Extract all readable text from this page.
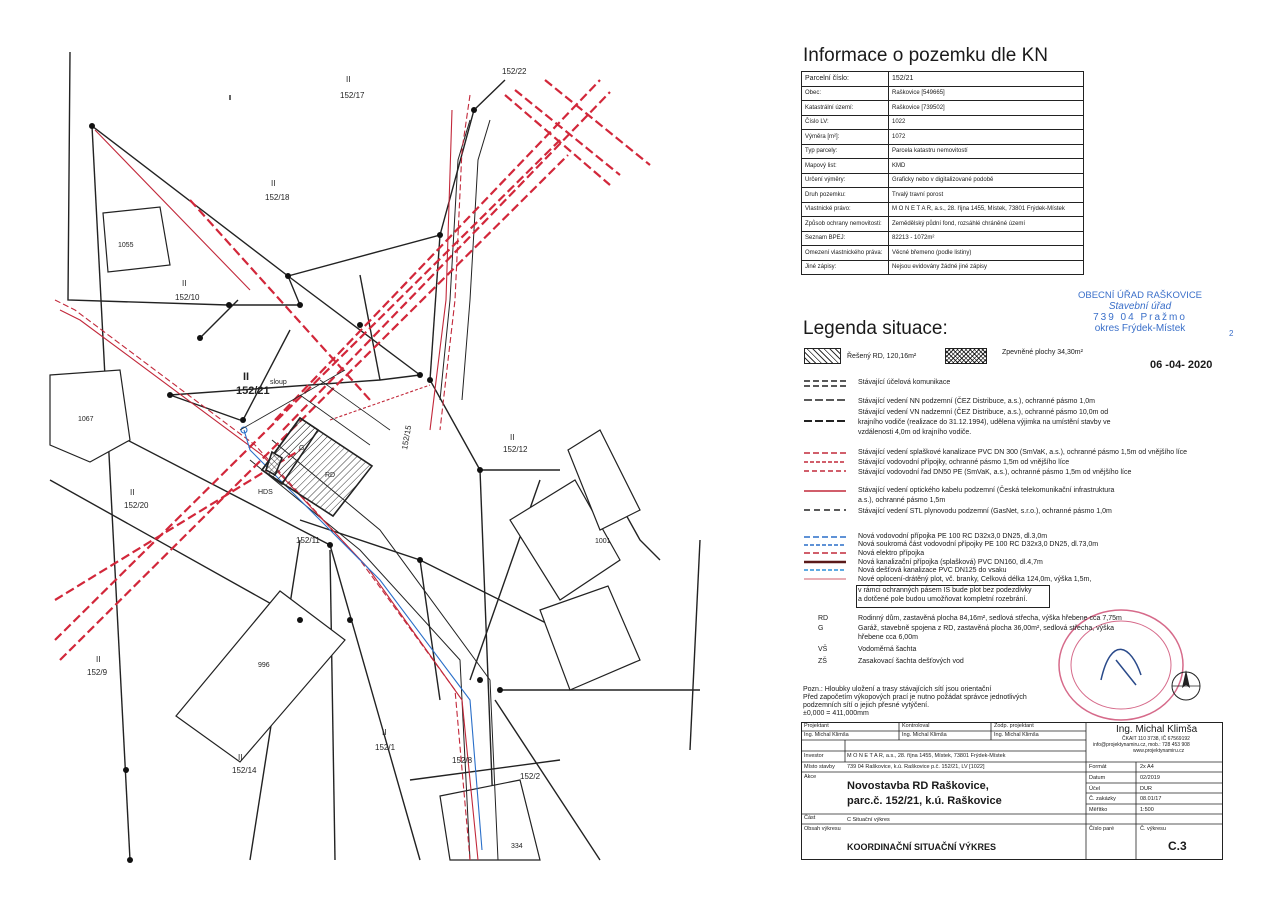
152/22
II
152/17
II
152/18
1055
II
152/10
II
152/21
sloup
1067
II
152/12
II
152/20
G
RD
HDS
1001
152/11
II
152/9
996
II
152/1
II
152/14
152/8
152/2
334
152/15
Informace o pozemku dle KN
Parcelní číslo:	152/21
Obec:	Raškovice [549665]
Katastrální území:	Raškovice [739502]
Číslo LV:	1022
Výměra [m²]:	1072
Typ parcely:	Parcela katastru nemovitostí
Mapový list:	KMD
Určení výměry:	Graficky nebo v digitalizované podobě
Druh pozemku:	Trvalý travní porost
Vlastnické právo:	M O N E T A R, a.s., 28. října 1455, Místek, 73801 Frýdek-Místek
Způsob ochrany nemovitosti:	Zemědělský půdní fond, rozsáhlé chráněné území
Seznam BPEJ:	82213 - 1072m²
Omezení vlastnického práva:	Věcné břemeno (podle listiny)
Jiné zápisy:	Nejsou evidovány žádné jiné zápisy
OBECNÍ ÚŘAD RAŠKOVICE
Stavební úřad
739 04 Pražmo
okres Frýdek-Místek	2
06 -04- 2020
Legenda situace:
Řešený RD, 120,16m²
Zpevněné plochy 34,30m²
Stávající účelová komunikace
Stávající vedení NN podzemní (ČEZ Distribuce, a.s.), ochranné pásmo 1,0m
Stávající vedení VN nadzemní (ČEZ Distribuce, a.s.), ochranné pásmo 10,0m od
krajního vodiče (realizace do 31.12.1994), udělena výjimka na umístění stavby ve
vzdálenosti 4,0m od krajního vodiče.
Stávající vedení splaškové kanalizace PVC DN 300 (SmVaK, a.s.), ochranné pásmo 1,5m od vnějšího líce
Stávající vodovodní přípojky, ochranné pásmo 1,5m od vnějšího líce
Stávající vodovodní řad DN50 PE (SmVaK, a.s.), ochranné pásmo 1,5m od vnějšího líce
Stávající vedení optického kabelu podzemní (Česká telekomunikační infrastruktura
a.s.), ochranné pásmo 1,5m
Stávající vedení STL plynovodu podzemní (GasNet, s.r.o.), ochranné pásmo 1,0m
Nová vodovodní přípojka PE 100 RC D32x3,0 DN25, dl.3,0m
Nová soukromá část vodovodní přípojky PE 100 RC D32x3,0 DN25, dl.73,0m
Nová elektro přípojka
Nová kanalizační přípojka (splašková) PVC DN160, dl.4,7m
Nová dešťová kanalizace PVC DN125 do vsaku
Nové oplocení-drátěný plot, vč. branky, Celková délka 124,0m, výška 1,5m,
v rámci ochranných pásem IS bude plot bez podezdívky
a dotčené pole budou umožňovat kompletní rozebrání.
RD	Rodinný dům, zastavěná plocha 84,16m², sedlová střecha, výška hřebene cca 7,75m
G	Garáž, stavebně spojena z RD, zastavěná plocha 36,00m², sedlová střecha, výška
hřebene cca 6,00m
VŠ	Vodoměrná šachta
ZŠ	Zasakovací šachta dešťových vod
Pozn.: Hloubky uložení a trasy stávajících sítí jsou orientační
Před započetím výkopových prací je nutno požádat správce jednotlivých
podzemních sítí o jejich přesné vytýčení.
±0,000 = 411,000mm
Projektant	Kontroloval	Zodp. projektant
Ing. Michal Klimša	Ing. Michal Klimša	Ing. Michal Klimša	Ing. Michal Klimša
ČKAIT 110 3738, IČ 67569192
info@projektynamiru.cz, mob.: 728 453 908
www.projektynamiru.cz
Investor	M O N E T A R, a.s., 28. října 1455, Místek, 73801 Frýdek-Místek
Místo stavby 739 04 Raškovice, k.ú. Raškovice p.č. 152/21, LV [1022]
Akce
Novostavba RD Raškovice,
parc.č. 152/21, k.ú. Raškovice
Část	C Situační výkres
Obsah výkresu
KOORDINAČNÍ SITUAČNÍ VÝKRES
Formát	2x A4
Datum	02/2019
Účel	DUR
Č. zakázky	08.01/17
Měřítko	1:500
Číslo paré	Č. výkresu
C.3
